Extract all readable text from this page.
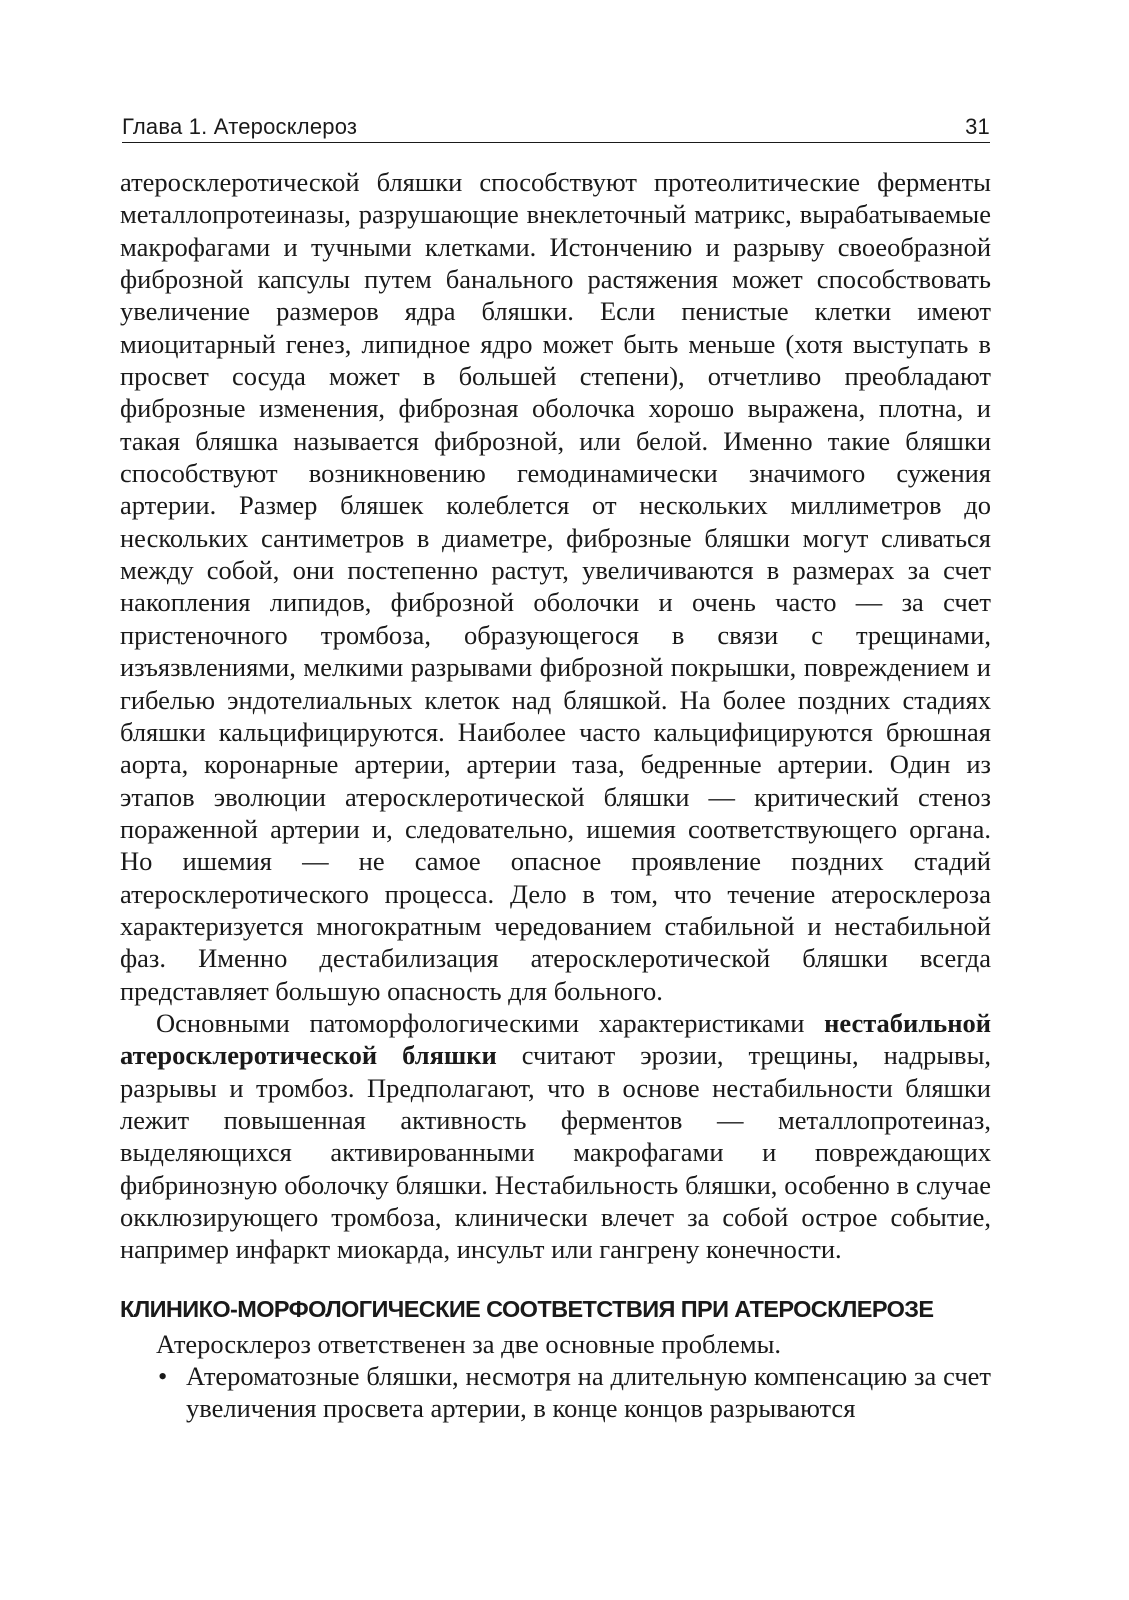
Глава 1. Атеросклероз	31

атеросклеротической бляшки способствуют протеолитические ферменты металлопротеиназы, разрушающие внеклеточный матрикс, вырабатываемые макрофагами и тучными клетками. Истончению и разрыву своеобразной фиброзной капсулы путем банального растяжения может способствовать увеличение размеров ядра бляшки. Если пенистые клетки имеют миоцитарный генез, липидное ядро может быть меньше (хотя выступать в просвет сосуда может в большей степени), отчетливо преобладают фиброзные изменения, фиброзная оболочка хорошо выражена, плотна, и такая бляшка называется фиброзной, или белой. Именно такие бляшки способствуют возникновению гемодинамически значимого сужения артерии. Размер бляшек колеблется от нескольких миллиметров до нескольких сантиметров в диаметре, фиброзные бляшки могут сливаться между собой, они постепенно растут, увеличиваются в размерах за счет накопления липидов, фиброзной оболочки и очень часто — за счет пристеночного тромбоза, образующегося в связи с трещинами, изъязвлениями, мелкими разрывами фиброзной покрышки, повреждением и гибелью эндотелиальных клеток над бляшкой. На более поздних стадиях бляшки кальцифицируются. Наиболее часто кальцифицируются брюшная аорта, коронарные артерии, артерии таза, бедренные артерии. Один из этапов эволюции атеросклеротической бляшки — критический стеноз пораженной артерии и, следовательно, ишемия соответствующего органа. Но ишемия — не самое опасное проявление поздних стадий атеросклеротического процесса. Дело в том, что течение атеросклероза характеризуется многократным чередованием стабильной и нестабильной фаз. Именно дестабилизация атеросклеротической бляшки всегда представляет большую опасность для больного.

Основными патоморфологическими характеристиками нестабильной атеросклеротической бляшки считают эрозии, трещины, надрывы, разрывы и тромбоз. Предполагают, что в основе нестабильности бляшки лежит повышенная активность ферментов — металлопротеиназ, выделяющихся активированными макрофагами и повреждающих фибринозную оболочку бляшки. Нестабильность бляшки, особенно в случае окклюзирующего тромбоза, клинически влечет за собой острое событие, например инфаркт миокарда, инсульт или гангрену конечности.

КЛИНИКО-МОРФОЛОГИЧЕСКИЕ СООТВЕТСТВИЯ ПРИ АТЕРОСКЛЕРОЗЕ

Атеросклероз ответственен за две основные проблемы.

• Атероматозные бляшки, несмотря на длительную компенсацию за счет увеличения просвета артерии, в конце концов разрываются
